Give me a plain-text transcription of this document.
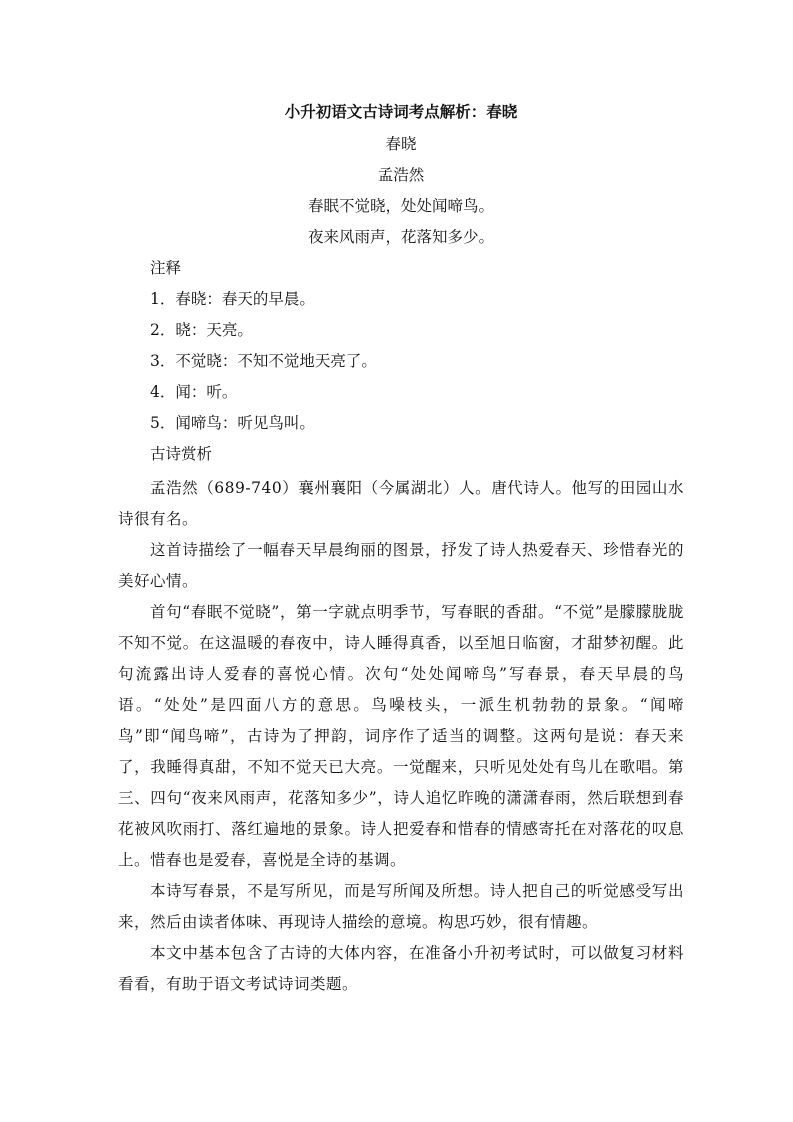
小升初语文古诗词考点解析：春晓
春晓
孟浩然
春眠不觉晓，处处闻啼鸟。
夜来风雨声，花落知多少。
注释
1．春晓：春天的早晨。
2．晓：天亮。
3．不觉晓：不知不觉地天亮了。
4．闻：听。
5．闻啼鸟：听见鸟叫。
古诗赏析

孟浩然（689-740）襄州襄阳（今属湖北）人。唐代诗人。他写的田园山水诗很有名。

这首诗描绘了一幅春天早晨绚丽的图景，抒发了诗人热爱春天、珍惜春光的美好心情。

首句“春眠不觉晓”，第一字就点明季节，写春眠的香甜。“不觉”是朦朦胧胧不知不觉。在这温暖的春夜中，诗人睡得真香，以至旭日临窗，才甜梦初醒。此句流露出诗人爱春的喜悦心情。次句“处处闻啼鸟”写春景，春天早晨的鸟语。“处处”是四面八方的意思。鸟噪枝头，一派生机勃勃的景象。“闻啼鸟”即“闻鸟啼”，古诗为了押韵，词序作了适当的调整。这两句是说：春天来了，我睡得真甜，不知不觉天已大亮。一觉醒来，只听见处处有鸟儿在歌唱。第三、四句“夜来风雨声，花落知多少”，诗人追忆昨晚的潇潇春雨，然后联想到春花被风吹雨打、落红遍地的景象。诗人把爱春和惜春的情感寄托在对落花的叹息上。惜春也是爱春，喜悦是全诗的基调。

本诗写春景，不是写所见，而是写所闻及所想。诗人把自己的听觉感受写出来，然后由读者体味、再现诗人描绘的意境。构思巧妙，很有情趣。

本文中基本包含了古诗的大体内容，在准备小升初考试时，可以做复习材料看看，有助于语文考试诗词类题。
